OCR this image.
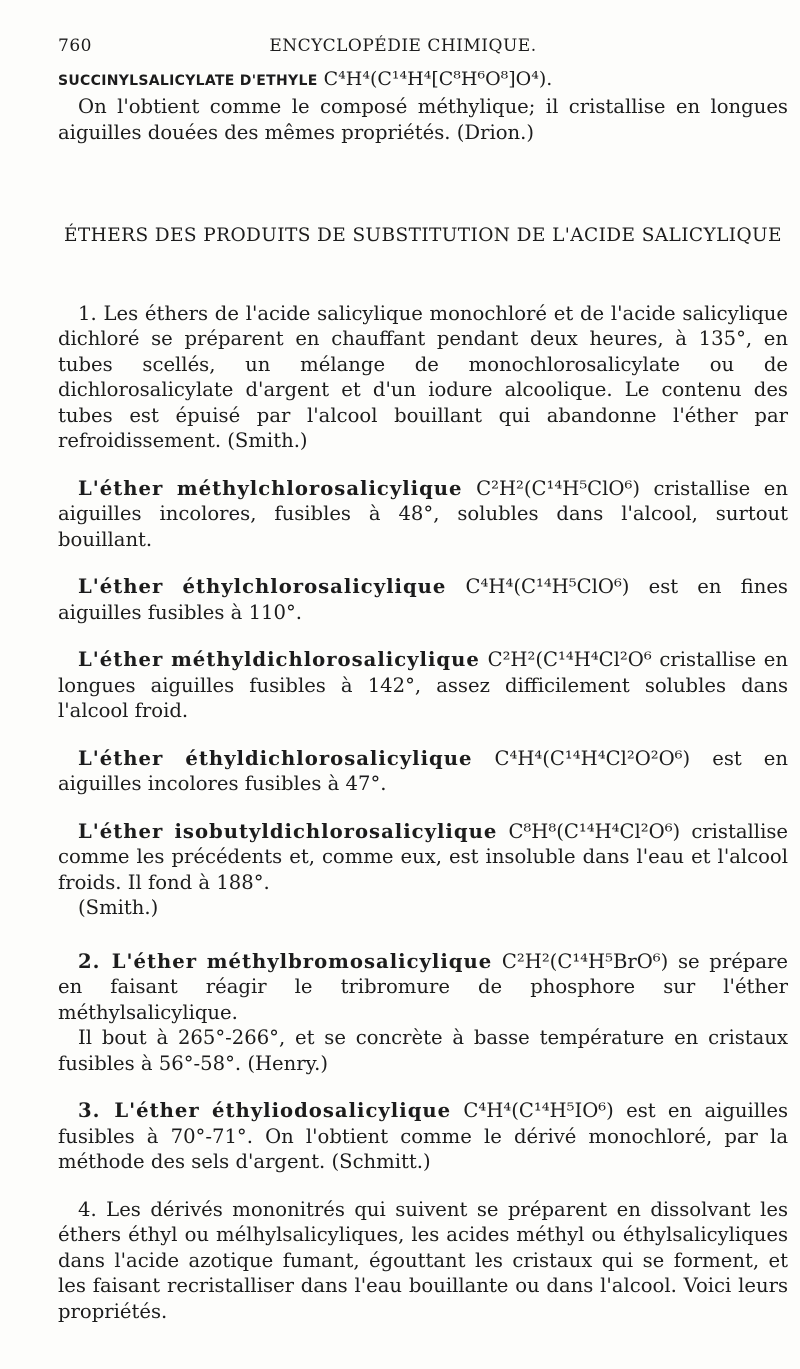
760	ENCYCLOPÉDIE CHIMIQUE.

SUCCINYLSALICYLATE D'ETHYLE C⁴H⁴(C¹⁴H⁴[C⁸H⁶O⁸]O⁴).

On l'obtient comme le composé méthylique; il cristallise en longues aiguilles douées des mêmes propriétés. (Drion.)

ÉTHERS DES PRODUITS DE SUBSTITUTION DE L'ACIDE SALICYLIQUE

1. Les éthers de l'acide salicylique monochloré et de l'acide salicylique dichloré se préparent en chauffant pendant deux heures, à 135°, en tubes scellés, un mélange de monochlorosalicylate ou de dichlorosalicylate d'argent et d'un iodure alcoolique. Le contenu des tubes est épuisé par l'alcool bouillant qui abandonne l'éther par refroidissement. (Smith.)

L'éther méthylchlorosalicylique C²H²(C¹⁴H⁵ClO⁶) cristallise en aiguilles incolores, fusibles à 48°, solubles dans l'alcool, surtout bouillant.

L'éther éthylchlorosalicylique C⁴H⁴(C¹⁴H⁵ClO⁶) est en fines aiguilles fusibles à 110°.

L'éther méthyldichlorosalicylique C²H²(C¹⁴H⁴Cl²O⁶ cristallise en longues aiguilles fusibles à 142°, assez difficilement solubles dans l'alcool froid.

L'éther éthyldichlorosalicylique C⁴H⁴(C¹⁴H⁴Cl²O²O⁶) est en aiguilles incolores fusibles à 47°.

L'éther isobutyldichlorosalicylique C⁸H⁸(C¹⁴H⁴Cl²O⁶) cristallise comme les précédents et, comme eux, est insoluble dans l'eau et l'alcool froids. Il fond à 188°.

(Smith.)

2. L'éther méthylbromosalicylique C²H²(C¹⁴H⁵BrO⁶) se prépare en faisant réagir le tribromure de phosphore sur l'éther méthylsalicylique.

Il bout à 265°-266°, et se concrète à basse température en cristaux fusibles à 56°-58°. (Henry.)

3. L'éther éthyliodosalicylique C⁴H⁴(C¹⁴H⁵IO⁶) est en aiguilles fusibles à 70°-71°. On l'obtient comme le dérivé monochloré, par la méthode des sels d'argent. (Schmitt.)

4. Les dérivés mononitrés qui suivent se préparent en dissolvant les éthers éthyl ou mélhylsalicyliques, les acides méthyl ou éthylsalicyliques dans l'acide azotique fumant, égouttant les cristaux qui se forment, et les faisant recristalliser dans l'eau bouillante ou dans l'alcool. Voici leurs propriétés.
